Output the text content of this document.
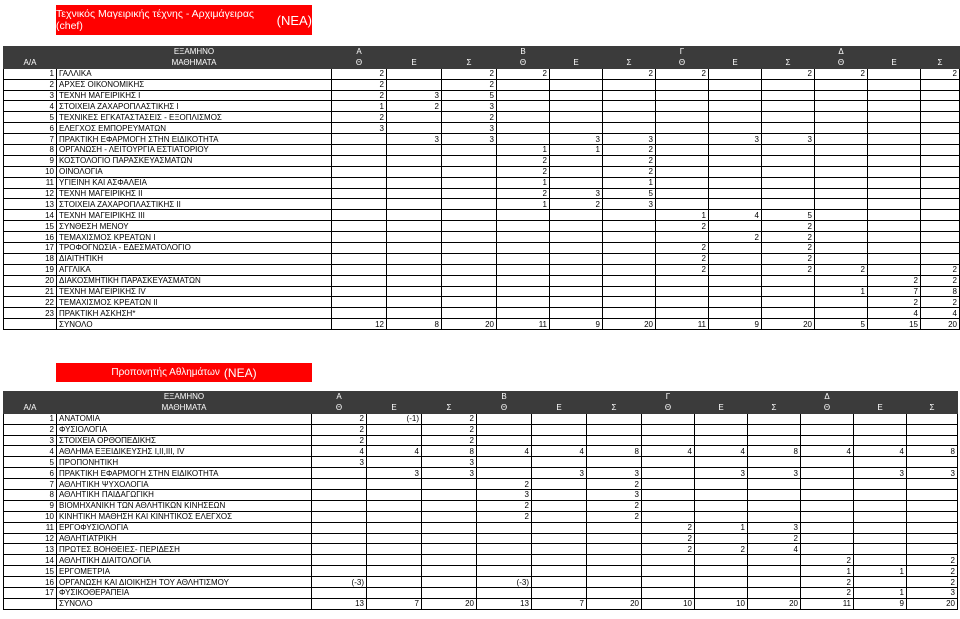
Τεχνικός Μαγειρικής τέχνης - Αρχιμάγειρας (chef)	(ΝΕΑ)
	ΕΞΑΜΗΝΟ	Α			Β			Γ			Δ		
Α/Α	ΜΑΘΗΜΑΤΑ	Θ	Ε	Σ	Θ	Ε	Σ	Θ	Ε	Σ	Θ	Ε	Σ
1	ΓΑΛΛΙΚΑ	2		2	2		2	2		2	2		2
2	ΑΡΧΕΣ ΟΙΚΟΝΟΜΙΚΗΣ	2		2									
3	ΤΕΧΝΗ ΜΑΓΕΙΡΙΚΗΣ Ι	2	3	5									
4	ΣΤΟΙΧΕΙΑ ΖΑΧΑΡΟΠΛΑΣΤΙΚΗΣ Ι	1	2	3									
5	ΤΕΧΝΙΚΕΣ ΕΓΚΑΤΑΣΤΑΣΕΙΣ - ΕΞΟΠΛΙΣΜΟΣ	2		2									
6	ΕΛΕΓΧΟΣ ΕΜΠΟΡΕΥΜΑΤΩΝ	3		3									
7	ΠΡΑΚΤΙΚΗ ΕΦΑΡΜΟΓΗ ΣΤΗΝ ΕΙΔΙΚΟΤΗΤΑ		3	3		3	3		3	3			
8	ΟΡΓΑΝΩΣΗ - ΛΕΙΤΟΥΡΓΙΑ ΕΣΤΙΑΤΟΡΙΟΥ				1	1	2						
9	ΚΟΣΤΟΛΟΓΙΟ ΠΑΡΑΣΚΕΥΑΣΜΑΤΩΝ				2		2						
10	ΟΙΝΟΛΟΓΙΑ				2		2						
11	ΥΓΙΕΙΝΗ ΚΑΙ ΑΣΦΑΛΕΙΑ				1		1						
12	ΤΕΧΝΗ ΜΑΓΕΙΡΙΚΗΣ ΙΙ				2	3	5						
13	ΣΤΟΙΧΕΙΑ ΖΑΧΑΡΟΠΛΑΣΤΙΚΗΣ ΙΙ				1	2	3						
14	ΤΕΧΝΗ ΜΑΓΕΙΡΙΚΗΣ ΙΙΙ							1	4	5			
15	ΣΥΝΘΕΣΗ ΜΕΝΟΥ							2		2			
16	ΤΕΜΑΧΙΣΜΟΣ ΚΡΕΑΤΩΝ Ι								2	2			
17	ΤΡΟΦΟΓΝΩΣΙΑ - ΕΔΕΣΜΑΤΟΛΟΓΙΟ							2		2			
18	ΔΙΑΙΤΗΤΙΚΗ							2		2			
19	ΑΓΓΛΙΚΑ							2		2	2		2
20	ΔΙΑΚΟΣΜΗΤΙΚΗ ΠΑΡΑΣΚΕΥΑΣΜΑΤΩΝ											2	2
21	ΤΕΧΝΗ ΜΑΓΕΙΡΙΚΗΣ IV										1	7	8
22	ΤΕΜΑΧΙΣΜΟΣ ΚΡΕΑΤΩΝ ΙΙ											2	2
23	ΠΡΑΚΤΙΚΗ ΑΣΚΗΣΗ*											4	4
	ΣΥΝΟΛΟ	12	8	20	11	9	20	11	9	20	5	15	20
Προπονητής Αθλημάτων (ΝΕΑ)
	ΕΞΑΜΗΝΟ	Α			Β			Γ			Δ		
Α/Α	ΜΑΘΗΜΑΤΑ	Θ	Ε	Σ	Θ	Ε	Σ	Θ	Ε	Σ	Θ	Ε	Σ
1	ΑΝΑΤΟΜΙΑ	2	(-1)	2									
2	ΦΥΣΙΟΛΟΓΙΑ	2		2									
3	ΣΤΟΙΧΕΙΑ ΟΡΘΟΠΕΔΙΚΗΣ	2		2									
4	ΑΘΛΗΜΑ ΕΞΕΙΔΙΚΕΥΣΗΣ Ι,ΙΙ,ΙΙΙ, IV	4	4	8	4	4	8	4	4	8	4	4	8
5	ΠΡΟΠΟΝΗΤΙΚΗ	3		3									
6	ΠΡΑΚΤΙΚΗ ΕΦΑΡΜΟΓΗ ΣΤΗΝ ΕΙΔΙΚΟΤΗΤΑ		3	3		3	3		3	3		3	3
7	ΑΘΛΗΤΙΚΗ ΨΥΧΟΛΟΓΙΑ				2		2						
8	ΑΘΛΗΤΙΚΗ ΠΑΙΔΑΓΩΓΙΚΗ				3		3						
9	ΒΙΟΜΗΧΑΝΙΚΗ ΤΩΝ ΑΘΛΗΤΙΚΩΝ ΚΙΝΗΣΕΩΝ				2		2						
10	ΚΙΝΗΤΙΚΗ ΜΑΘΗΣΗ ΚΑΙ ΚΙΝΗΤΙΚΟΣ ΕΛΕΓΧΟΣ				2		2						
11	ΕΡΓΟΦΥΣΙΟΛΟΓΙΑ							2	1	3			
12	ΑΘΛΗΤΙΑΤΡΙΚΗ							2		2			
13	ΠΡΩΤΕΣ ΒΟΗΘΕΙΕΣ- ΠΕΡΙΔΕΣΗ							2	2	4			
14	ΑΘΛΗΤΙΚΗ ΔΙΑΙΤΟΛΟΓΙΑ										2		2
15	ΕΡΓΟΜΕΤΡΙΑ										1	1	2
16	ΟΡΓΑΝΩΣΗ ΚΑΙ ΔΙΟΙΚΗΣΗ ΤΟΥ ΑΘΛΗΤΙΣΜΟΥ	(-3)			(-3)						2		2
17	ΦΥΣΙΚΟΘΕΡΑΠΕΙΑ										2	1	3
	ΣΥΝΟΛΟ	13	7	20	13	7	20	10	10	20	11	9	20
